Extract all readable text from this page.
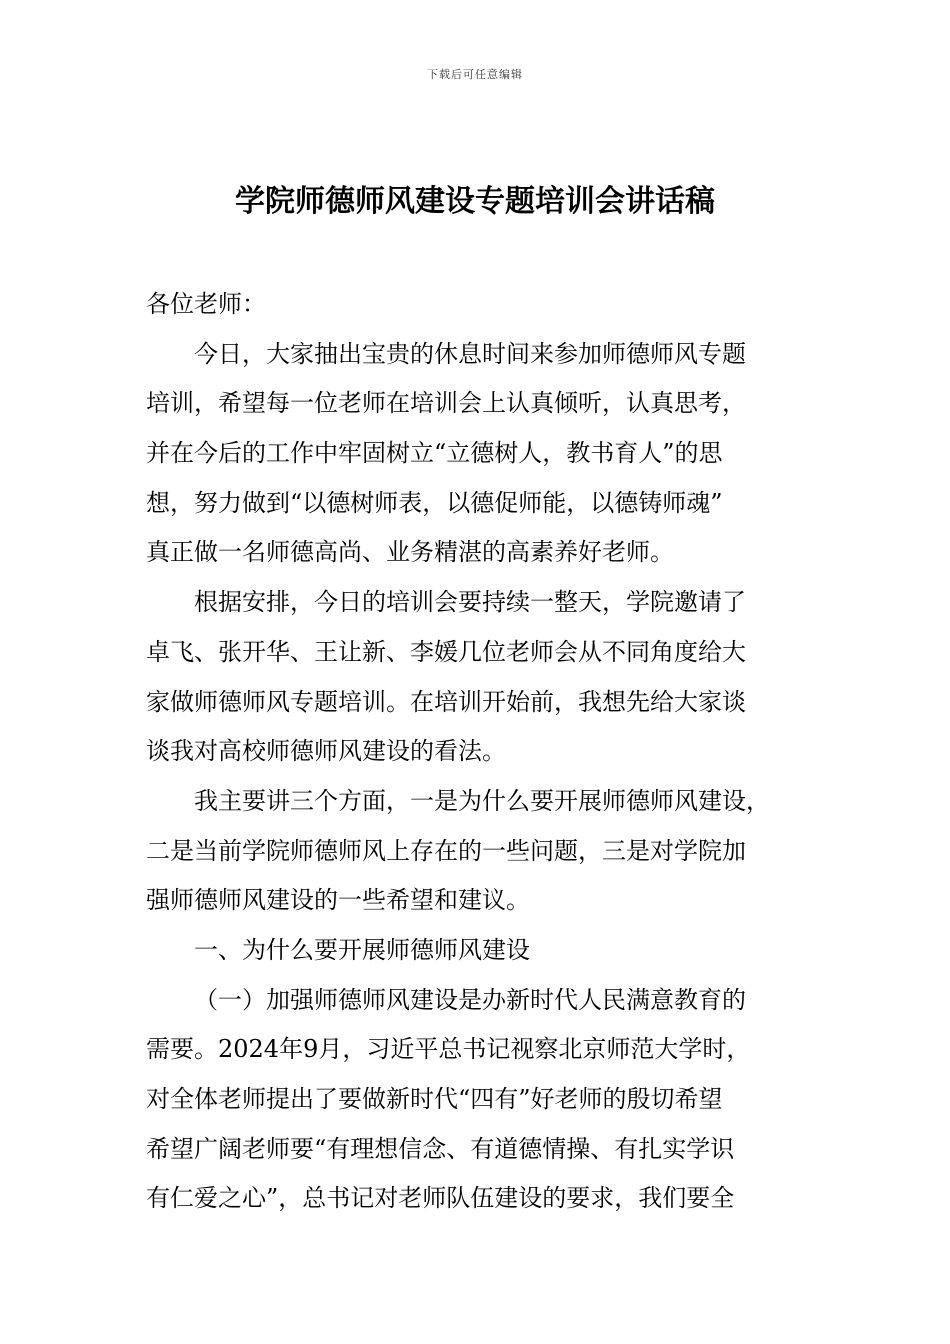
下载后可任意编辑
学院师德师风建设专题培训会讲话稿
各位老师：
今日，大家抽出宝贵的休息时间来参加师德师风专题
培训，希望每一位老师在培训会上认真倾听，认真思考，
并在今后的工作中牢固树立“立德树人，教书育人”的思
想，努力做到“以德树师表，以德促师能，以德铸师魂”
真正做一名师德高尚、业务精湛的高素养好老师。
根据安排，今日的培训会要持续一整天，学院邀请了
卓飞、张开华、王让新、李媛几位老师会从不同角度给大
家做师德师风专题培训。在培训开始前，我想先给大家谈
谈我对高校师德师风建设的看法。
我主要讲三个方面，一是为什么要开展师德师风建设，
二是当前学院师德师风上存在的一些问题，三是对学院加
强师德师风建设的一些希望和建议。
一、为什么要开展师德师风建设
（一）加强师德师风建设是办新时代人民满意教育的
需要。2024年9月，习近平总书记视察北京师范大学时，
对全体老师提出了要做新时代“四有”好老师的殷切希望
希望广阔老师要“有理想信念、有道德情操、有扎实学识
有仁爱之心”，总书记对老师队伍建设的要求，我们要全
